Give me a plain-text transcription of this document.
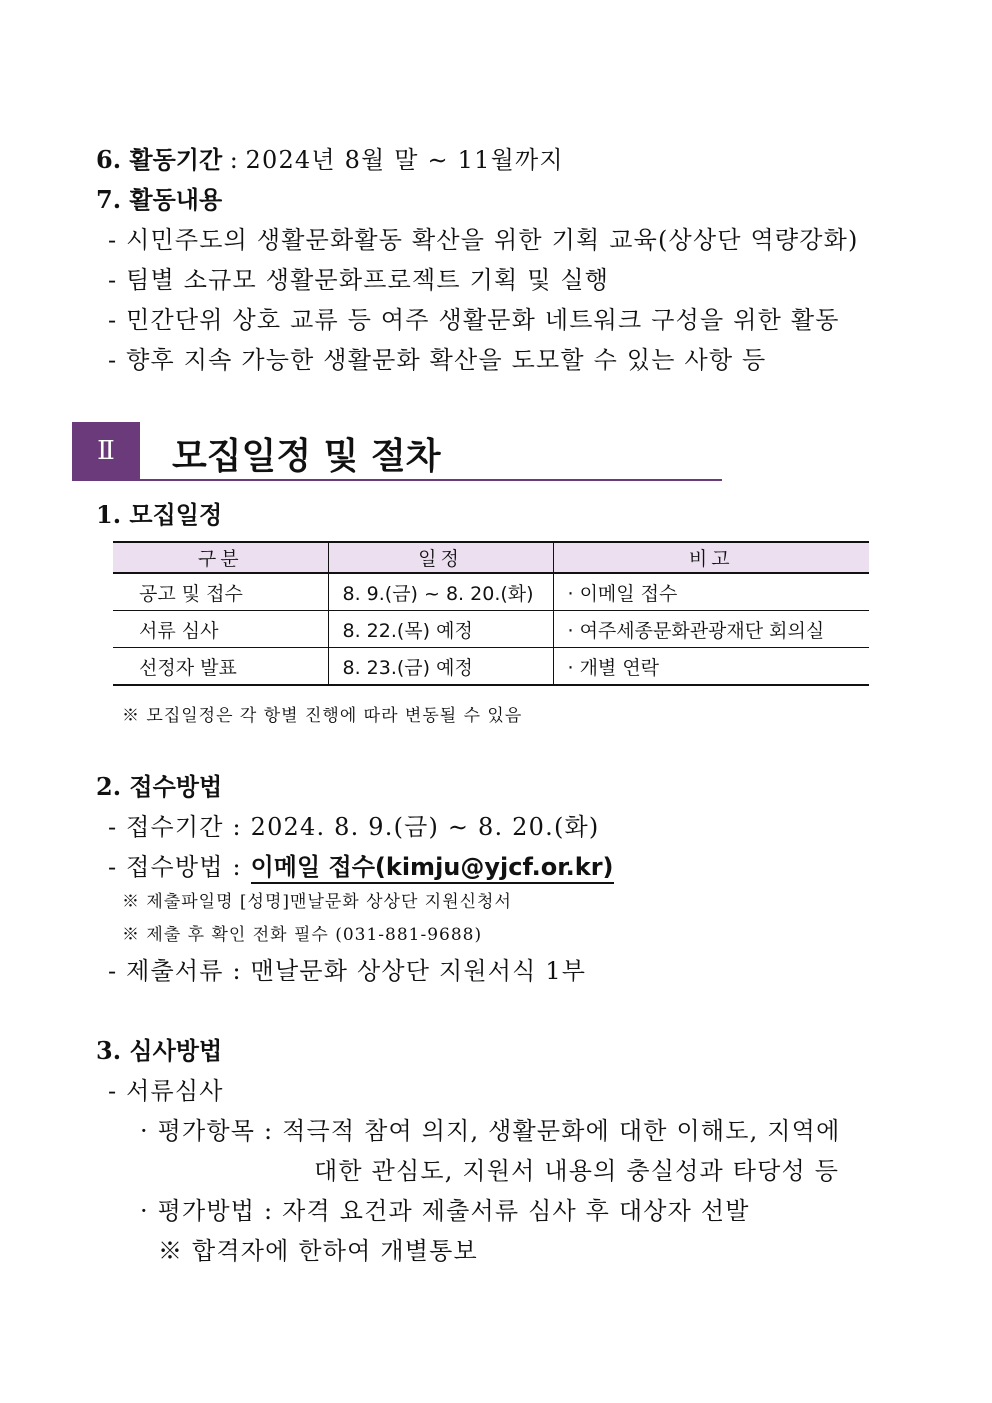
6. 활동기간 : 2024년 8월 말 ∼ 11월까지
7. 활동내용
- 시민주도의 생활문화활동 확산을 위한 기획 교육(상상단 역량강화)
- 팀별 소규모 생활문화프로젝트 기획 및 실행
- 민간단위 상호 교류 등 여주 생활문화 네트워크 구성을 위한 활동
- 향후 지속 가능한 생활문화 확산을 도모할 수 있는 사항 등
Ⅱ	모집일정 및 절차
1. 모집일정
구분	일정	비고
공고 및 접수	8. 9.(금) ~ 8. 20.(화)	· 이메일 접수
서류 심사	8. 22.(목) 예정	· 여주세종문화관광재단 회의실
선정자 발표	8. 23.(금) 예정	· 개별 연락
※ 모집일정은 각 항별 진행에 따라 변동될 수 있음
2. 접수방법
- 접수기간 : 2024. 8. 9.(금) ∼ 8. 20.(화)
- 접수방법 : 이메일 접수(kimju@yjcf.or.kr)
※ 제출파일명 [성명]맨날문화 상상단 지원신청서
※ 제출 후 확인 전화 필수 (031-881-9688)
- 제출서류 : 맨날문화 상상단 지원서식 1부
3. 심사방법
- 서류심사
· 평가항목 : 적극적 참여 의지, 생활문화에 대한 이해도, 지역에
대한 관심도, 지원서 내용의 충실성과 타당성 등
· 평가방법 : 자격 요건과 제출서류 심사 후 대상자 선발
※ 합격자에 한하여 개별통보
